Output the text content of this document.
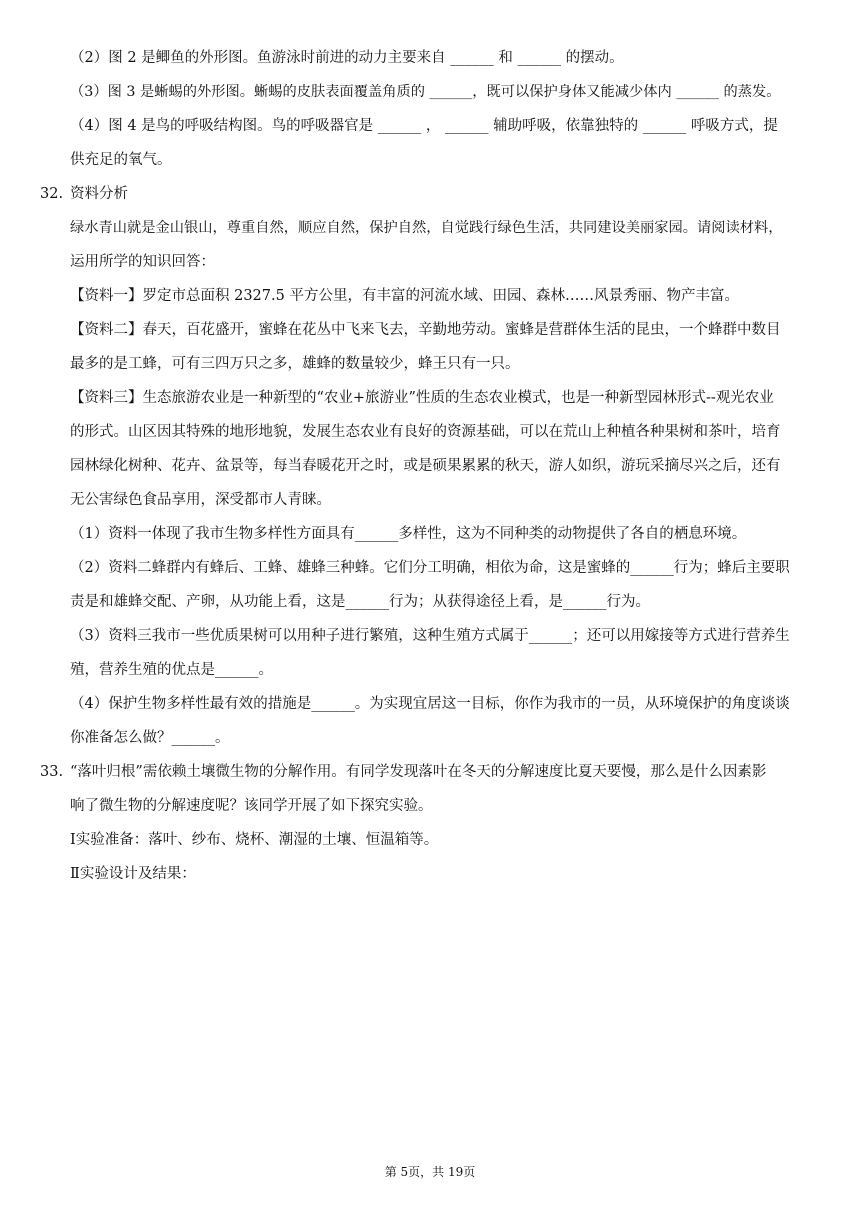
（2）图 2 是鲫鱼的外形图。鱼游泳时前进的动力主要来自 ______ 和 ______ 的摆动。
（3）图 3 是蜥蜴的外形图。蜥蜴的皮肤表面覆盖角质的 ______，既可以保护身体又能减少体内 ______ 的蒸发。
（4）图 4 是鸟的呼吸结构图。鸟的呼吸器官是 ______ ， ______ 辅助呼吸，依靠独特的 ______ 呼吸方式，提
供充足的氧气。
32. 资料分析
绿水青山就是金山银山，尊重自然，顺应自然，保护自然，自觉践行绿色生活，共同建设美丽家园。请阅读材料，
运用所学的知识回答：
【资料一】罗定市总面积 2327.5 平方公里，有丰富的河流水域、田园、森林……风景秀丽、物产丰富。
【资料二】春天，百花盛开，蜜蜂在花丛中飞来飞去，辛勤地劳动。蜜蜂是营群体生活的昆虫，一个蜂群中数目
最多的是工蜂，可有三四万只之多，雄蜂的数量较少，蜂王只有一只。
【资料三】生态旅游农业是一种新型的“农业+旅游业”性质的生态农业模式，也是一种新型园林形式--观光农业
的形式。山区因其特殊的地形地貌，发展生态农业有良好的资源基础，可以在荒山上种植各种果树和茶叶，培育
园林绿化树种、花卉、盆景等，每当春暖花开之时，或是硕果累累的秋天，游人如织，游玩采摘尽兴之后，还有
无公害绿色食品享用，深受都市人青睐。
（1）资料一体现了我市生物多样性方面具有______多样性，这为不同种类的动物提供了各自的栖息环境。
（2）资料二蜂群内有蜂后、工蜂、雄蜂三种蜂。它们分工明确，相依为命，这是蜜蜂的______行为；蜂后主要职
责是和雄蜂交配、产卵，从功能上看，这是______行为；从获得途径上看，是______行为。
（3）资料三我市一些优质果树可以用种子进行繁殖，这种生殖方式属于______；还可以用嫁接等方式进行营养生
殖，营养生殖的优点是______。
（4）保护生物多样性最有效的措施是______。为实现宜居这一目标，你作为我市的一员，从环境保护的角度谈谈
你准备怎么做？______。
33. “落叶归根”需依赖土壤微生物的分解作用。有同学发现落叶在冬天的分解速度比夏天要慢，那么是什么因素影
响了微生物的分解速度呢？该同学开展了如下探究实验。
Ⅰ实验准备：落叶、纱布、烧杯、潮湿的土壤、恒温箱等。
Ⅱ实验设计及结果：
第 5页，共 19页
